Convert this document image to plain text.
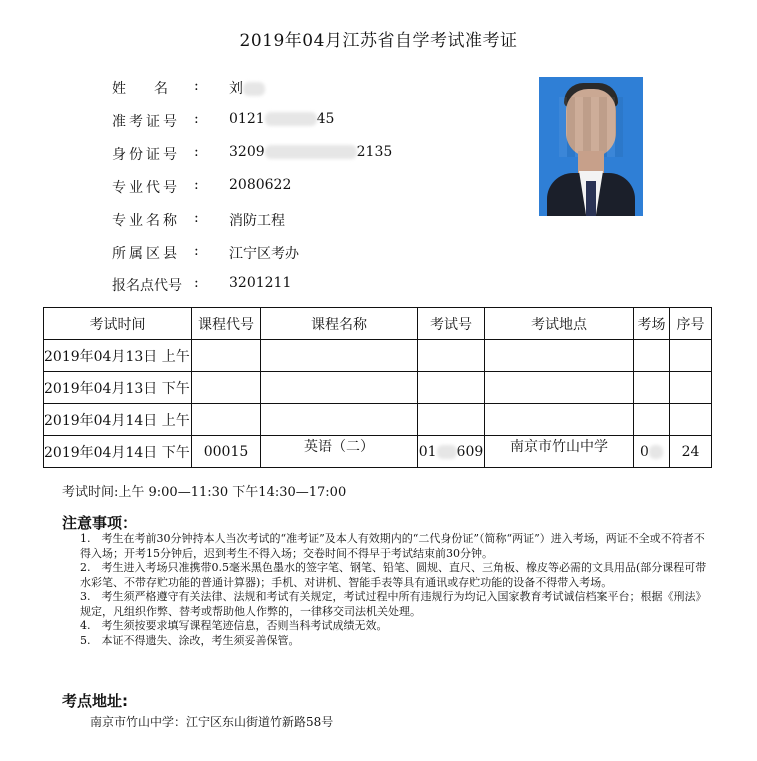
2019年04月江苏省自学考试准考证
姓　　名	: 刘
准考证号	: 0121	45
身份证号	: 3209	2135
专业代号	: 2080622
专业名称	: 消防工程
所属区县	: 江宁区考办
报名点代号 : 3201211
考试时间	课程代号	课程名称	考试号	考试地点	考场	序号
2019年04月13日 上午						
2019年04月13日 下午						
2019年04月14日 上午						
2019年04月14日 下午	00015	英语（二）	01 609	南京市竹山中学	0	24
考试时间:上午 9:00—11:30 下午14:30—17:00
注意事项：

1.　考生在考前30分钟持本人当次考试的“准考证”及本人有效期内的“二代身份证”（简称“两证”）进入考场，两证不全或不符者不得入场；开考15分钟后，迟到考生不得入场；交卷时间不得早于考试结束前30分钟。

2.　考生进入考场只准携带0.5毫米黑色墨水的签字笔、钢笔、铅笔、圆规、直尺、三角板、橡皮等必需的文具用品(部分课程可带水彩笔、不带存贮功能的普通计算器)；手机、对讲机、智能手表等具有通讯或存贮功能的设备不得带入考场。

3.　考生须严格遵守有关法律、法规和考试有关规定，考试过程中所有违规行为均记入国家教育考试诚信档案平台；根据《刑法》规定，凡组织作弊、替考或帮助他人作弊的，一律移交司法机关处理。

4.　考生须按要求填写课程笔迹信息，否则当科考试成绩无效。

5.　本证不得遗失、涂改，考生须妥善保管。

考点地址:
南京市竹山中学：江宁区东山街道竹新路58号
